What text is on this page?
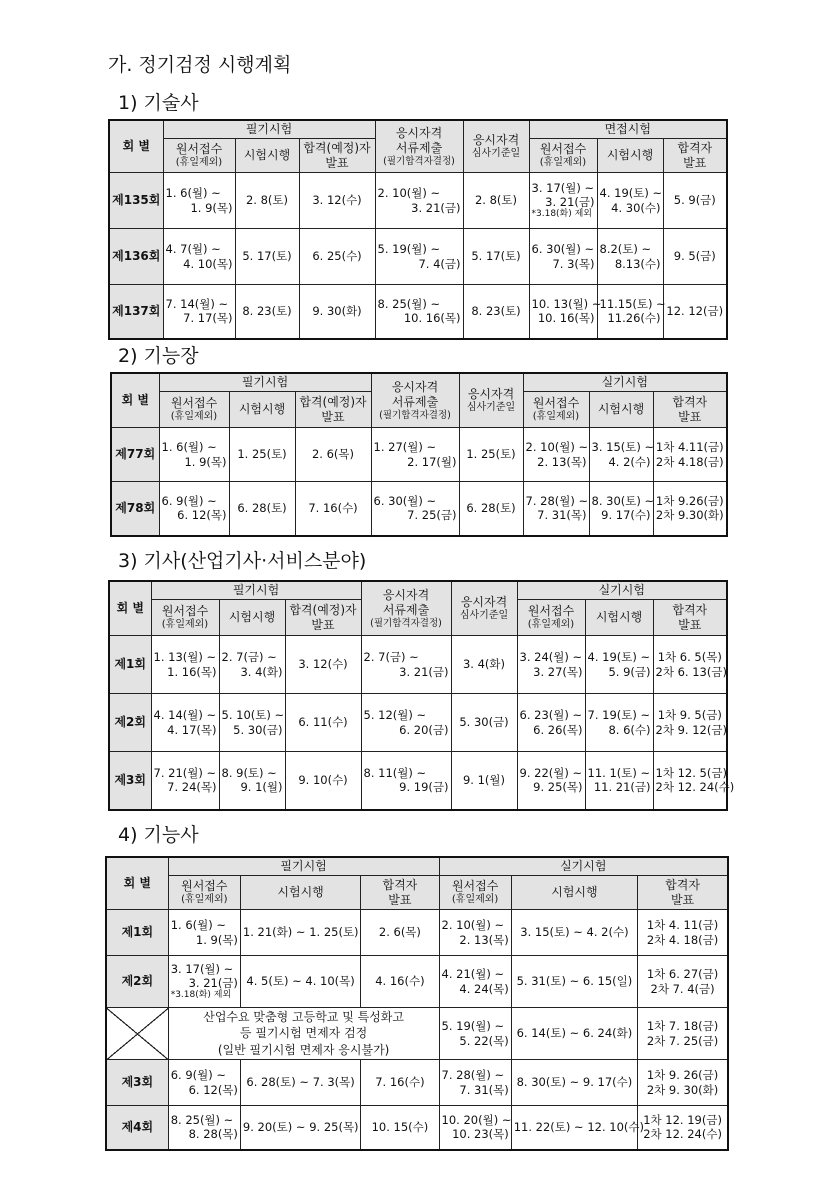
가. 정기검정 시행계획
1) 기술사
회 별	필기시험			응시자격
서류제출
(필기합격자결정)	응시자격
심사기준일	면접시험		

	원서접수
(휴일제외)	시험시행	합격(예정)자
발표			원서접수
(휴일제외)	시험시행	합격자
발표

제135회	1. 6(월) ~
1. 9(목)	2. 8(토)	3. 12(수)	2. 10(월) ~
3. 21(금)	2. 8(토)	3. 17(월) ~
3. 21(금)
*3.18(화) 제외	4. 19(토) ~
4. 30(수)	5. 9(금)
제136회	4. 7(월) ~
4. 10(목)	5. 17(토)	6. 25(수)	5. 19(월) ~
7. 4(금)	5. 17(토)	6. 30(월) ~
7. 3(목)	8.2(토) ~
8.13(수)	9. 5(금)
제137회	7. 14(월) ~
7. 17(목)	8. 23(토)	9. 30(화)	8. 25(월) ~
10. 16(목)	8. 23(토)	10. 13(월) ~
10. 16(목)	11.15(토) ~
11.26(수)	12. 12(금)
2) 기능장
회 별	필기시험			응시자격
서류제출
(필기합격자결정)	응시자격
심사기준일	실기시험		

	원서접수
(휴일제외)	시험시행	합격(예정)자
발표			원서접수
(휴일제외)	시험시행	합격자
발표

제77회	1. 6(월) ~
1. 9(목)	1. 25(토)	2. 6(목)	1. 27(월) ~
2. 17(월)	1. 25(토)	2. 10(월) ~
2. 13(목)	3. 15(토) ~
4. 2(수)	1차 4.11(금)
2차 4.18(금)

제78회	6. 9(월) ~
6. 12(목)	6. 28(토)	7. 16(수)	6. 30(월) ~
7. 25(금)	6. 28(토)	7. 28(월) ~
7. 31(목)	8. 30(토) ~
9. 17(수)	1차 9.26(금)
2차 9.30(화)
3) 기사(산업기사·서비스분야)
회 별	필기시험			응시자격
서류제출
(필기합격자결정)	응시자격
심사기준일	실기시험		

	원서접수
(휴일제외)	시험시행	합격(예정)자
발표			원서접수
(휴일제외)	시험시행	합격자
발표

제1회	1. 13(월) ~
1. 16(목)	2. 7(금) ~
3. 4(화)	3. 12(수)	2. 7(금) ~
3. 21(금)	3. 4(화)	3. 24(월) ~
3. 27(목)	4. 19(토) ~
5. 9(금)	1차 6. 5(목)
2차 6. 13(금)

제2회	4. 14(월) ~
4. 17(목)	5. 10(토) ~
5. 30(금)	6. 11(수)	5. 12(월) ~
6. 20(금)	5. 30(금)	6. 23(월) ~
6. 26(목)	7. 19(토) ~
8. 6(수)	1차 9. 5(금)
2차 9. 12(금)

제3회	7. 21(월) ~
7. 24(목)	8. 9(토) ~
9. 1(월)	9. 10(수)	8. 11(월) ~
9. 19(금)	9. 1(월)	9. 22(월) ~
9. 25(목)	11. 1(토) ~
11. 21(금)	1차 12. 5(금)
2차 12. 24(수)
4) 기능사
회 별	필기시험			실기시험		

	원서접수
(휴일제외)	시험시행	합격자
발표	원서접수
(휴일제외)	시험시행	합격자
발표

제1회	1. 6(월) ~
1. 9(목)	1. 21(화) ~ 1. 25(토)	2. 6(목)	2. 10(월) ~
2. 13(목)	3. 15(토) ~ 4. 2(수)	1차 4. 11(금)
2차 4. 18(금)

제2회	3. 17(월) ~
3. 21(금)
*3.18(화) 제외	4. 5(토) ~ 4. 10(목)	4. 16(수)	4. 21(월) ~
4. 24(목)	5. 31(토) ~ 6. 15(일)	1차 6. 27(금)
2차 7. 4(금)

	산업수요 맞춤형 고등학교 및 특성화고
등 필기시험 면제자 검정
(일반 필기시험 면제자 응시불가)			5. 19(월) ~
5. 22(목)	6. 14(토) ~ 6. 24(화)	1차 7. 18(금)
2차 7. 25(금)

제3회	6. 9(월) ~
6. 12(목)	6. 28(토) ~ 7. 3(목)	7. 16(수)	7. 28(월) ~
7. 31(목)	8. 30(토) ~ 9. 17(수)	1차 9. 26(금)
2차 9. 30(화)

제4회	8. 25(월) ~
8. 28(목)	9. 20(토) ~ 9. 25(목)	10. 15(수)	10. 20(월) ~
10. 23(목)	11. 22(토) ~ 12. 10(수)	1차 12. 19(금)
2차 12. 24(수)
